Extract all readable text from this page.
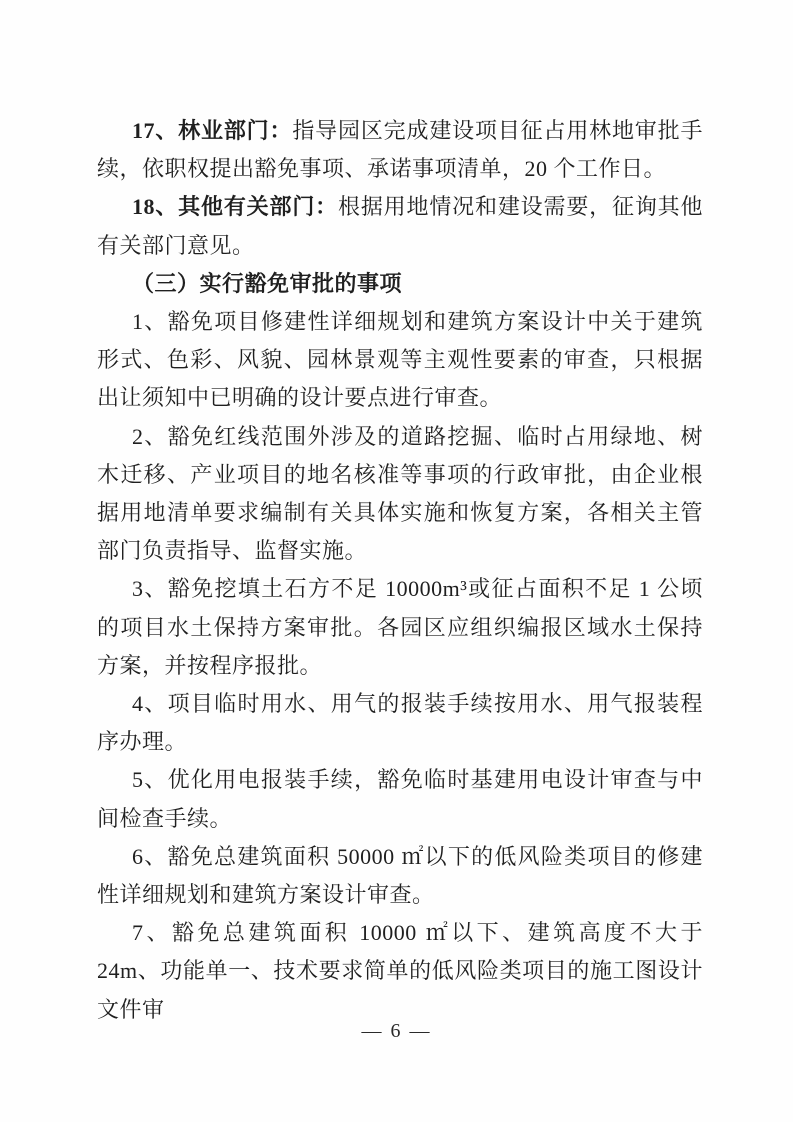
17、林业部门：指导园区完成建设项目征占用林地审批手续，依职权提出豁免事项、承诺事项清单，20 个工作日。

18、其他有关部门：根据用地情况和建设需要，征询其他有关部门意见。

（三）实行豁免审批的事项

1、豁免项目修建性详细规划和建筑方案设计中关于建筑形式、色彩、风貌、园林景观等主观性要素的审查，只根据出让须知中已明确的设计要点进行审查。

2、豁免红线范围外涉及的道路挖掘、临时占用绿地、树木迁移、产业项目的地名核准等事项的行政审批，由企业根据用地清单要求编制有关具体实施和恢复方案，各相关主管部门负责指导、监督实施。

3、豁免挖填土石方不足 10000m³或征占面积不足 1 公顷的项目水土保持方案审批。各园区应组织编报区域水土保持方案，并按程序报批。

4、项目临时用水、用气的报装手续按用水、用气报装程序办理。

5、优化用电报装手续，豁免临时基建用电设计审查与中间检查手续。

6、豁免总建筑面积 50000 ㎡以下的低风险类项目的修建性详细规划和建筑方案设计审查。

7、豁免总建筑面积 10000 ㎡以下、建筑高度不大于 24m、功能单一、技术要求简单的低风险类项目的施工图设计文件审

— 6 —
